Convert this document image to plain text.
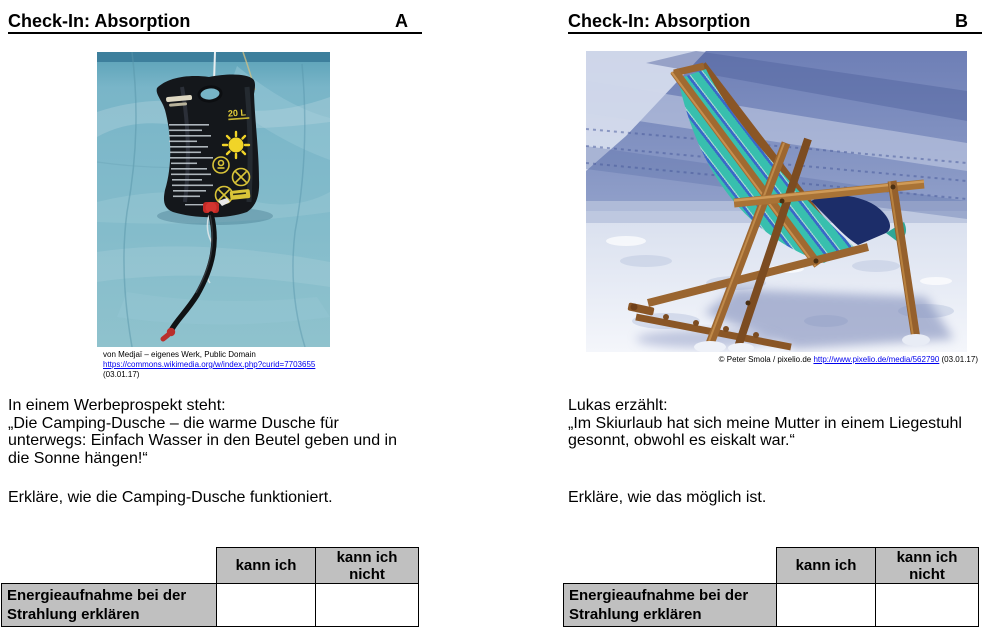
Check-In: Absorption	A
20 L
von Medjaï – eigenes Werk, Public Domain https://commons.wikimedia.org/w/index.php?curid=7703655 (03.01.17)
In einem Werbeprospekt steht:
„Die Camping-Dusche – die warme Dusche für
unterwegs: Einfach Wasser in den Beutel geben und in
die Sonne hängen!“
Erkläre, wie die Camping-Dusche funktioniert.
	kann ich	kann ich nicht
Energieaufnahme bei der Strahlung erklären		
Check-In: Absorption	B
© Peter Smola / pixelio.de http://www.pixelio.de/media/562790 (03.01.17)
Lukas erzählt:
„Im Skiurlaub hat sich meine Mutter in einem Liegestuhl
gesonnt, obwohl es eiskalt war.“
Erkläre, wie das möglich ist.
	kann ich	kann ich nicht
Energieaufnahme bei der Strahlung erklären		
